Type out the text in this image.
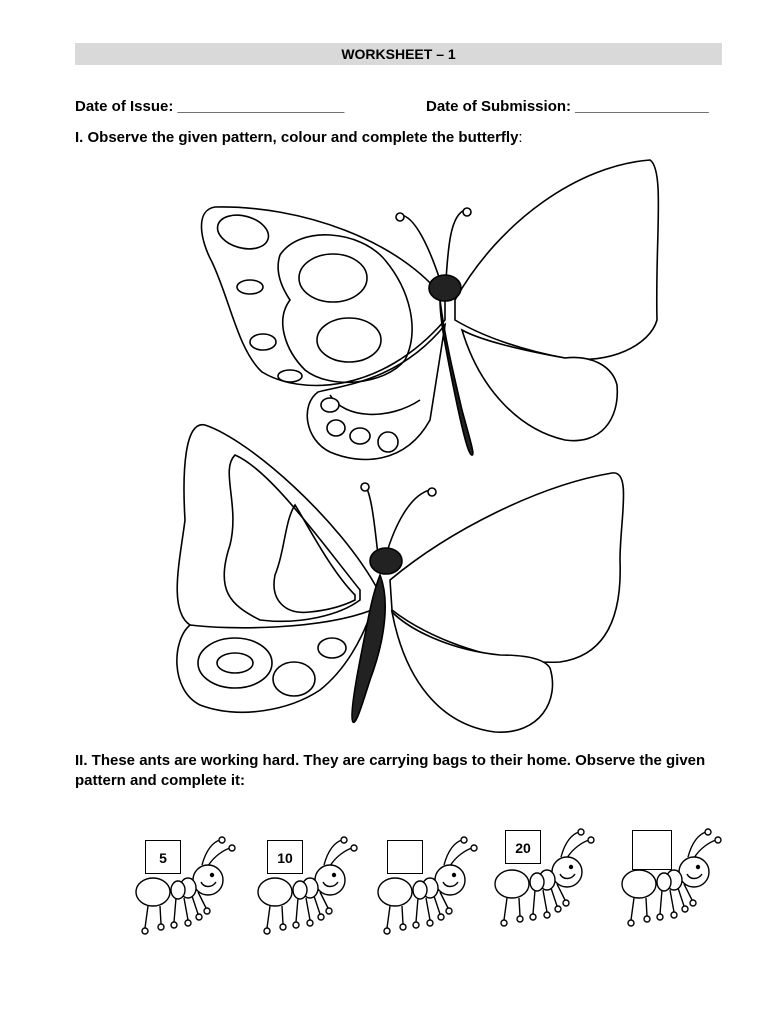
WORKSHEET – 1
Date of Issue: ____________________	Date of Submission: ________________
I. Observe the given pattern, colour and complete the butterfly:
II. These ants are working hard. They are carrying bags to their home. Observe the given pattern and complete it:
5	10
20
